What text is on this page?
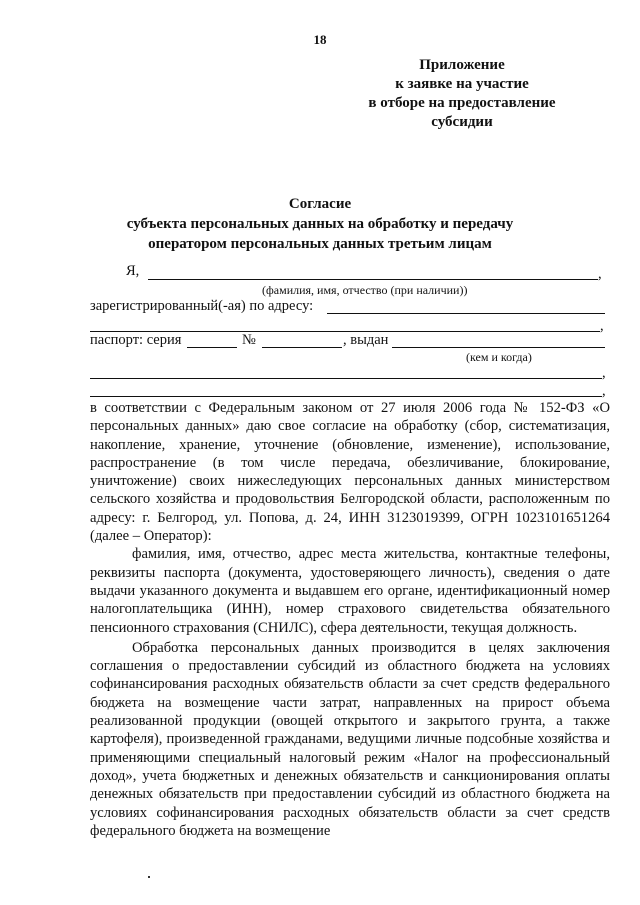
18
Приложение
к заявке на участие
в отборе на предоставление
субсидии
Согласие
субъекта персональных данных на обработку и передачу
оператором персональных данных третьим лицам
Я,	,
(фамилия, имя, отчество (при наличии))
зарегистрированный(-ая) по адресу:
,
паспорт: серия	№	, выдан
(кем и когда)
,
,

в соответствии с Федеральным законом от 27 июля 2006 года № 152-ФЗ «О персональных данных» даю свое согласие на обработку (сбор, систематизация, накопление, хранение, уточнение (обновление, изменение), использование, распространение (в том числе передача, обезличивание, блокирование, уничтожение) своих нижеследующих персональных данных министерством сельского хозяйства и продовольствия Белгородской области, расположенным по адресу: г. Белгород, ул. Попова, д. 24, ИНН 3123019399, ОГРН 1023101651264 (далее – Оператор):

фамилия, имя, отчество, адрес места жительства, контактные телефоны, реквизиты паспорта (документа, удостоверяющего личность), сведения о дате выдачи указанного документа и выдавшем его органе, идентификационный номер налогоплательщика (ИНН), номер страхового свидетельства обязательного пенсионного страхования (СНИЛС), сфера деятельности, текущая должность.

Обработка персональных данных производится в целях заключения соглашения о предоставлении субсидий из областного бюджета на условиях софинансирования расходных обязательств области за счет средств федерального бюджета на возмещение части затрат, направленных на прирост объема реализованной продукции (овощей открытого и закрытого грунта, а также картофеля), произведенной гражданами, ведущими личные подсобные хозяйства и применяющими специальный налоговый режим «Налог на профессиональный доход», учета бюджетных и денежных обязательств и санкционирования оплаты денежных обязательств при предоставлении субсидий из областного бюджета на условиях софинансирования расходных обязательств области за счет средств федерального бюджета на возмещение
